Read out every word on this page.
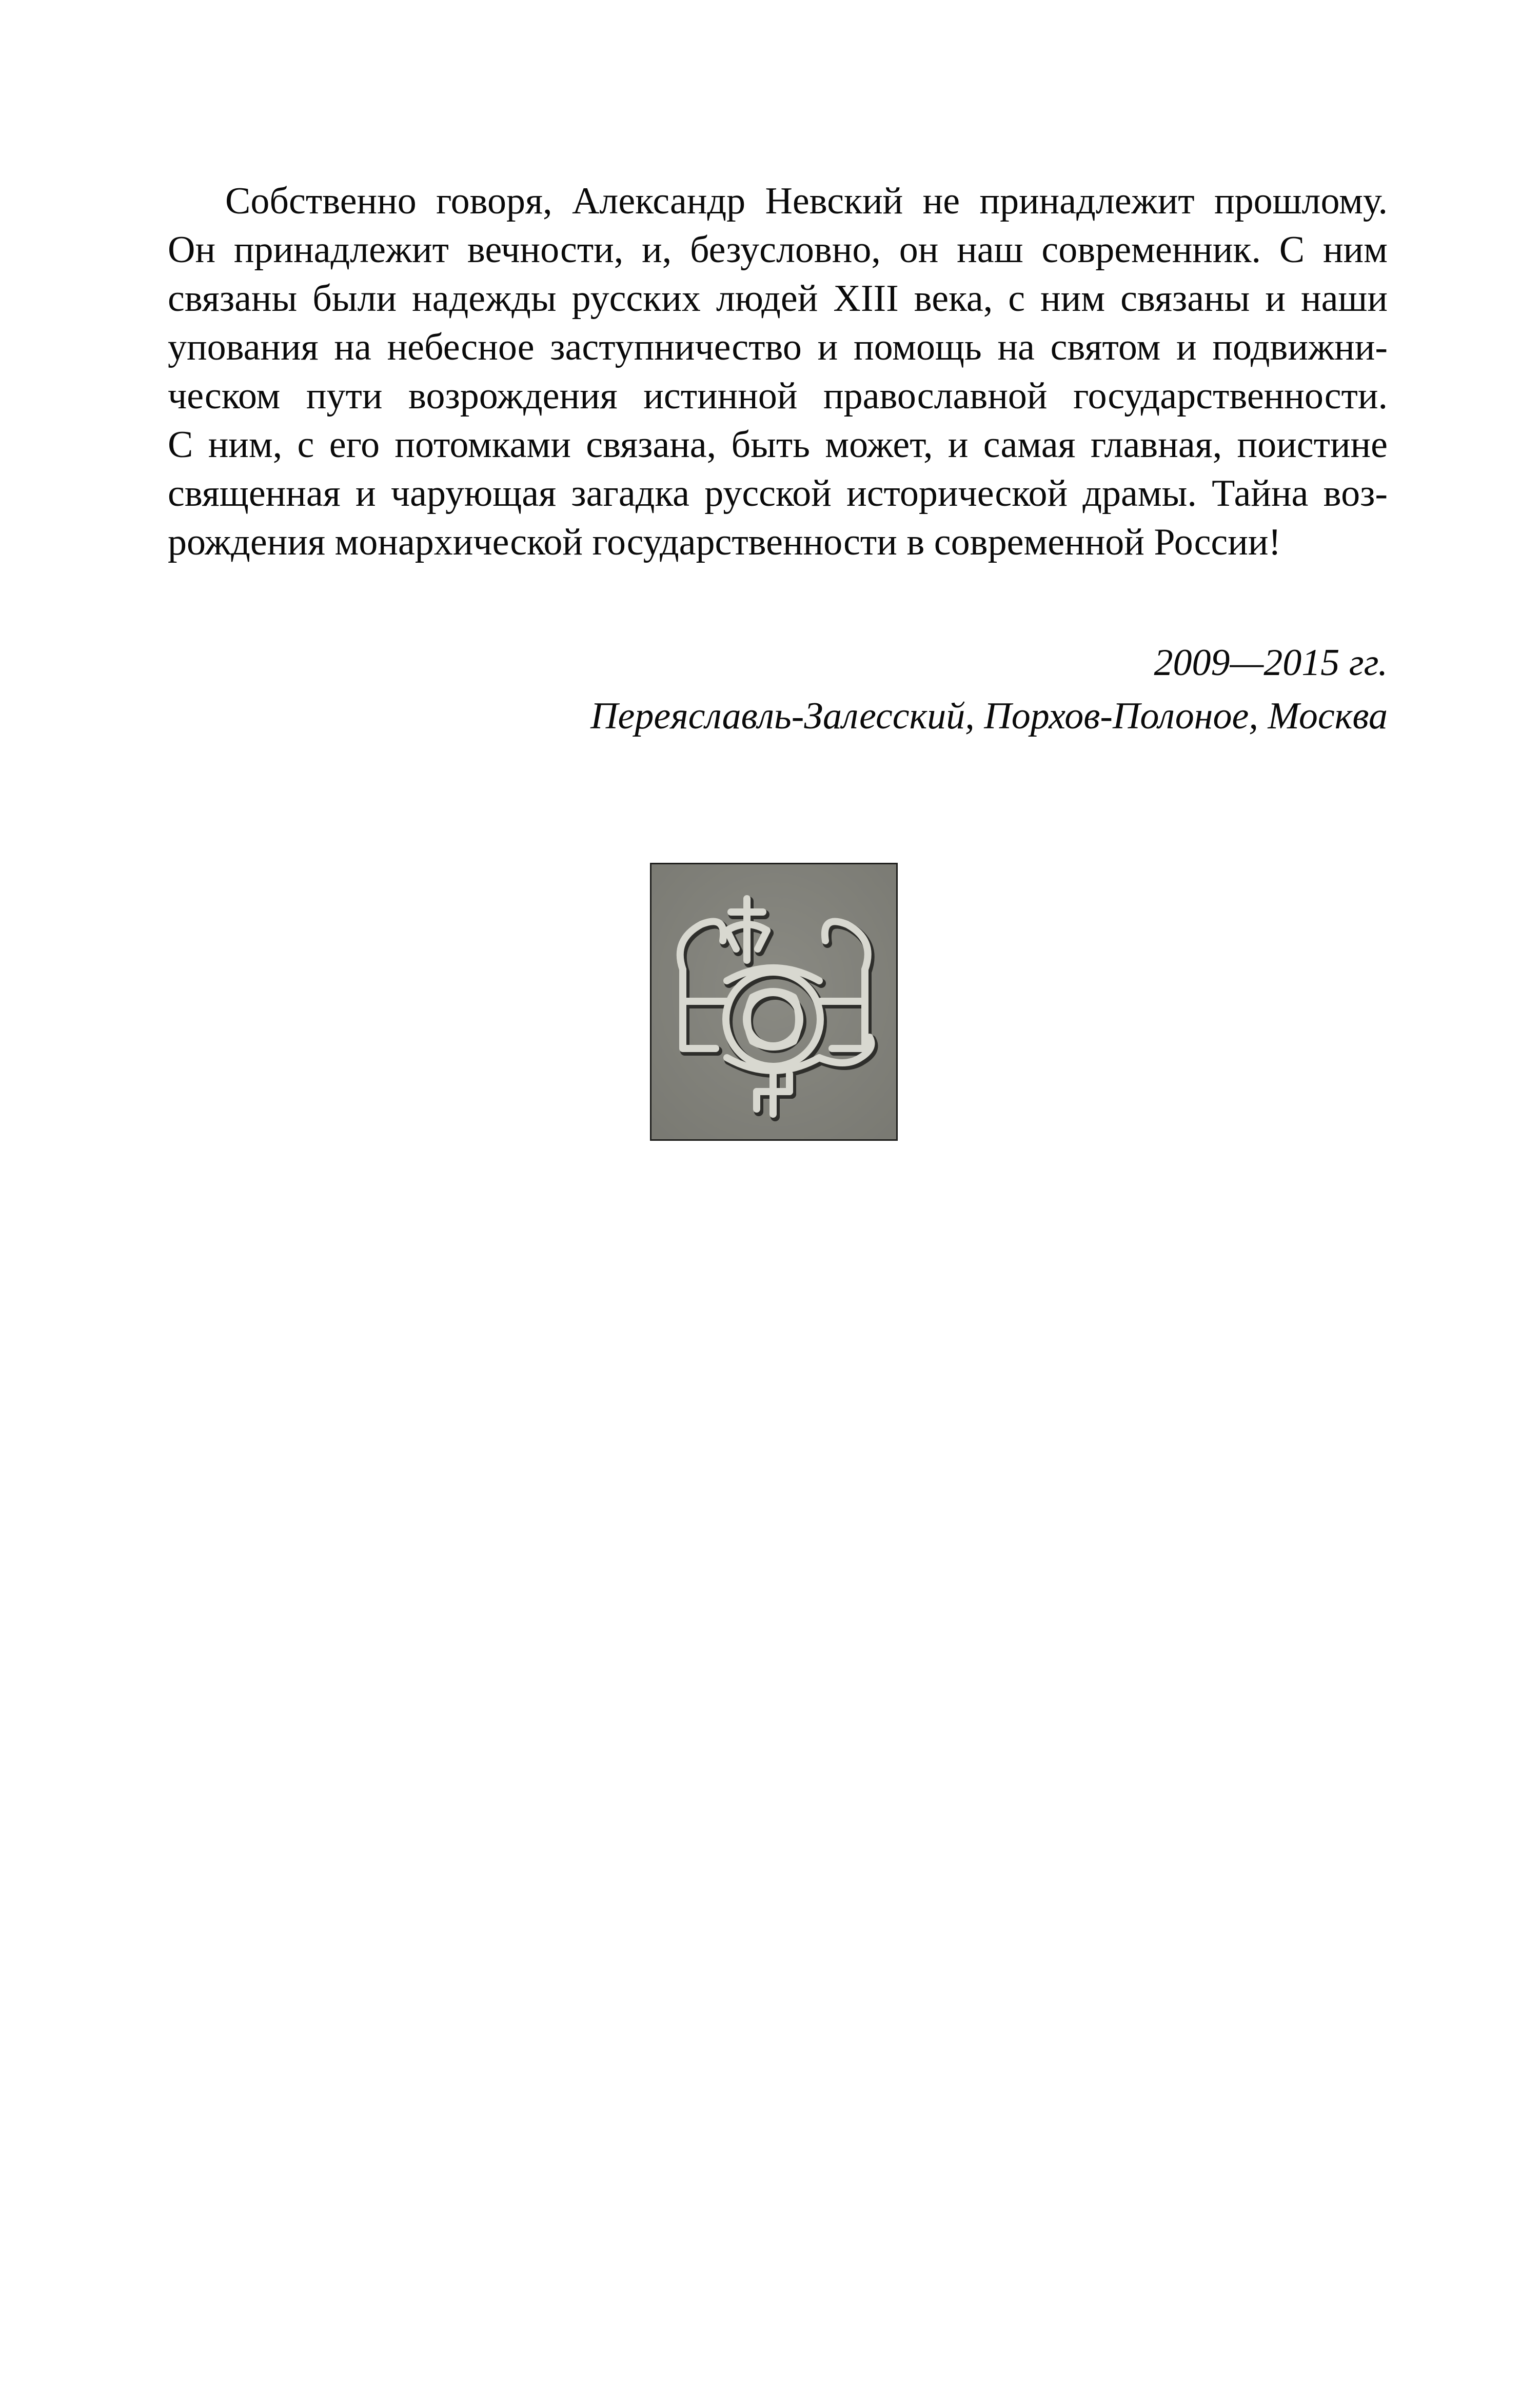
Собственно говоря, Александр Невский не принадлежит прошлому.
Он принадлежит вечности, и, безусловно, он наш современник. С ним
связаны были надежды русских людей XIII века, с ним связаны и наши
упования на небесное заступничество и помощь на святом и подвижни-
ческом пути возрождения истинной православной государственности.
С ним, с его потомками связана, быть может, и самая главная, поистине
священная и чарующая загадка русской исторической драмы. Тайна воз-
рождения монархической государственности в современной России!
2009—2015 гг.
Переяславль-Залесский, Порхов-Полоное, Москва
